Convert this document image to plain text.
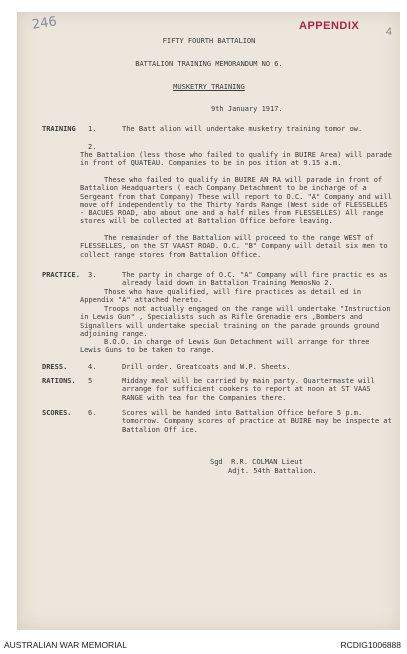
246	APPENDIX 4
FIFTY FOURTH BATTALION
BATTALION TRAINING MEMORANDUM NO 6.
MUSKETRY TRAINING
9th January 1917.
TRAINING 1.	The Batt alion will undertake musketry training tomor ow.
2.
The Battalion (less those who failed to qualify in BUIRE Area) will parade in front of QUATEAU. Companies to be in pos ition at 9.15 a.m.
These who failed to qualify in BUIRE AN RA will parade in front of Battalion Headquarters ( each Company Detachment to be incharge of a Sergeant from that Company) These will report to O.C. "A" Company and will move off independently to the Thirty Yards Range (West side of FLESSELLES - BACUES ROAD, abo about one and a half miles from FLESSELLES) All range stores will be collected at Battalion Office before leaving.
The remainder of the Battalion will proceed to the range WEST of FLESSELLES, on the ST VAAST ROAD. O.C. "B" Company will detail six men to collect range stores from Battalion Office.
PRACTICE. 3.	The party in charge of O.C. "A" Company will fire practic es as already laid down in Battalion Training MemosNo 2.
Those who have qualified, will fire practices as detail ed in Appendix "A" attached hereto.
Troops not actually engaged on the range will undertake "Instruction in Lewis Gun" , Specialists such as Rifle Grenadie ers ,Bombers and Signallers will undertake special training on the parade grounds ground adjoining range.
B.O.O. in charge of Lewis Gun Detachment will arrange for three Lewis Guns to be taken to range.
DRESS.	4.	Drill order. Greatcoats and W.P. Sheets.
RATIONS. 5	Midday meal will be carried by main party. Quartermaste will arrange for sufficient cookers to report at noon at ST VAAS RANGE with tea for the Companies there.
SCORES. 6.	Scores will be handed into Battalion Office before 5 p.m. tomorrow. Company scores of practice at BUIRE may be inspecte at Battalion Off ice.
Sgd  R.R. COLMAN Lieut
Adjt. 54th Battalion.
AUSTRALIAN WAR MEMORIAL	RCDIG1006888
